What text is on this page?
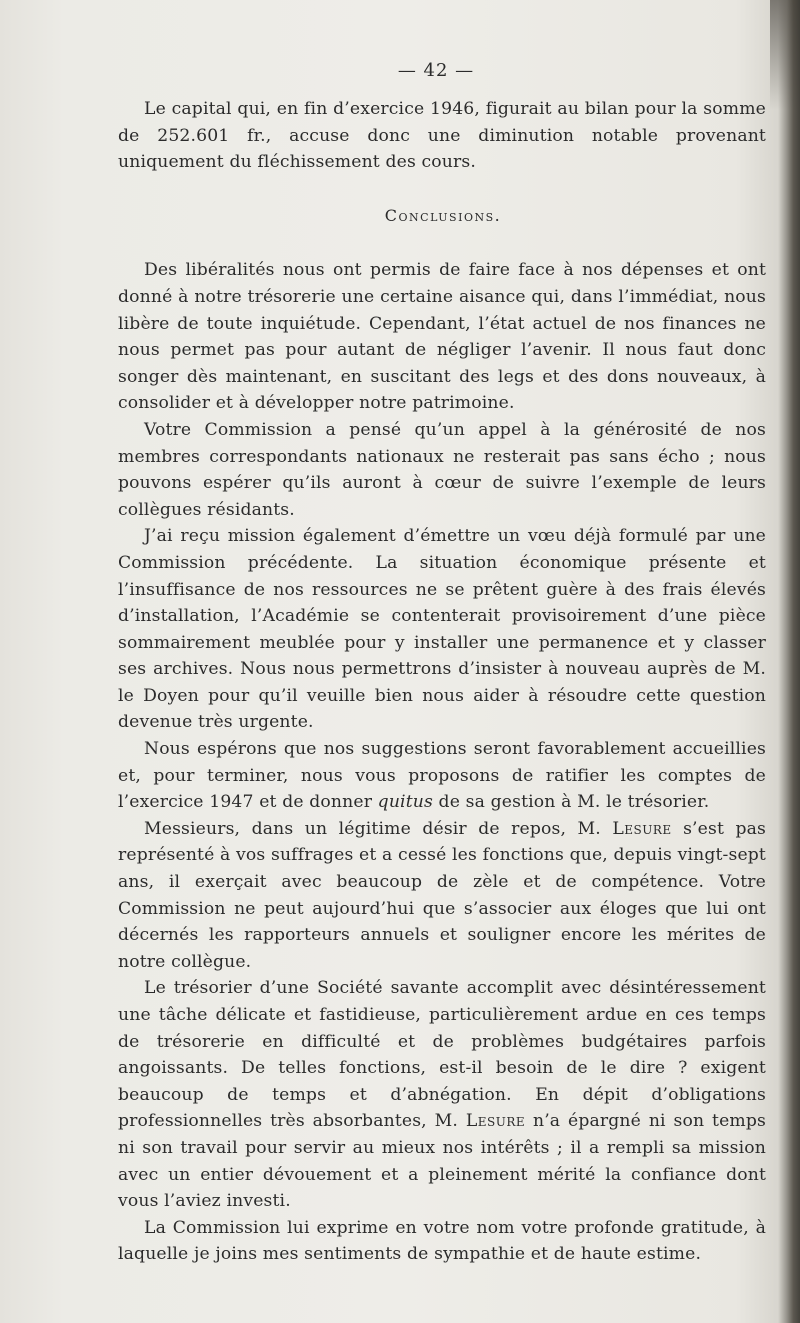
— 42 —

Le capital qui, en fin d’exercice 1946, figurait au bilan pour la somme de 252.601 fr., accuse donc une diminution notable provenant uniquement du fléchissement des cours.

Conclusions.

Des libéralités nous ont permis de faire face à nos dépenses et ont donné à notre trésorerie une certaine aisance qui, dans l’immédiat, nous libère de toute inquiétude. Cependant, l’état actuel de nos finances ne nous permet pas pour autant de négliger l’avenir. Il nous faut donc songer dès maintenant, en suscitant des legs et des dons nouveaux, à consolider et à développer notre patrimoine.

Votre Commission a pensé qu’un appel à la générosité de nos membres correspondants nationaux ne resterait pas sans écho ; nous pouvons espérer qu’ils auront à cœur de suivre l’exemple de leurs collègues résidants.

J’ai reçu mission également d’émettre un vœu déjà formulé par une Commission précédente. La situation économique présente et l’insuffisance de nos ressources ne se prêtent guère à des frais élevés d’installation, l’Académie se contenterait provisoirement d’une pièce sommairement meublée pour y installer une permanence et y classer ses archives. Nous nous permettrons d’insister à nouveau auprès de M. le Doyen pour qu’il veuille bien nous aider à résoudre cette question devenue très urgente.

Nous espérons que nos suggestions seront favorablement accueillies et, pour terminer, nous vous proposons de ratifier les comptes de l’exercice 1947 et de donner quitus de sa gestion à M. le trésorier.

Messieurs, dans un légitime désir de repos, M. Lesure s’est pas représenté à vos suffrages et a cessé les fonctions que, depuis vingt-sept ans, il exerçait avec beaucoup de zèle et de compétence. Votre Commission ne peut aujourd’hui que s’associer aux éloges que lui ont décernés les rapporteurs annuels et souligner encore les mérites de notre collègue.

Le trésorier d’une Société savante accomplit avec désintéressement une tâche délicate et fastidieuse, particulièrement ardue en ces temps de trésorerie en difficulté et de problèmes budgétaires parfois angoissants. De telles fonctions, est-il besoin de le dire ? exigent beaucoup de temps et d’abnégation. En dépit d’obligations professionnelles très absorbantes, M. Lesure n’a épargné ni son temps ni son travail pour servir au mieux nos intérêts ; il a rempli sa mission avec un entier dévouement et a pleinement mérité la confiance dont vous l’aviez investi.

La Commission lui exprime en votre nom votre profonde gratitude, à laquelle je joins mes sentiments de sympathie et de haute estime.
